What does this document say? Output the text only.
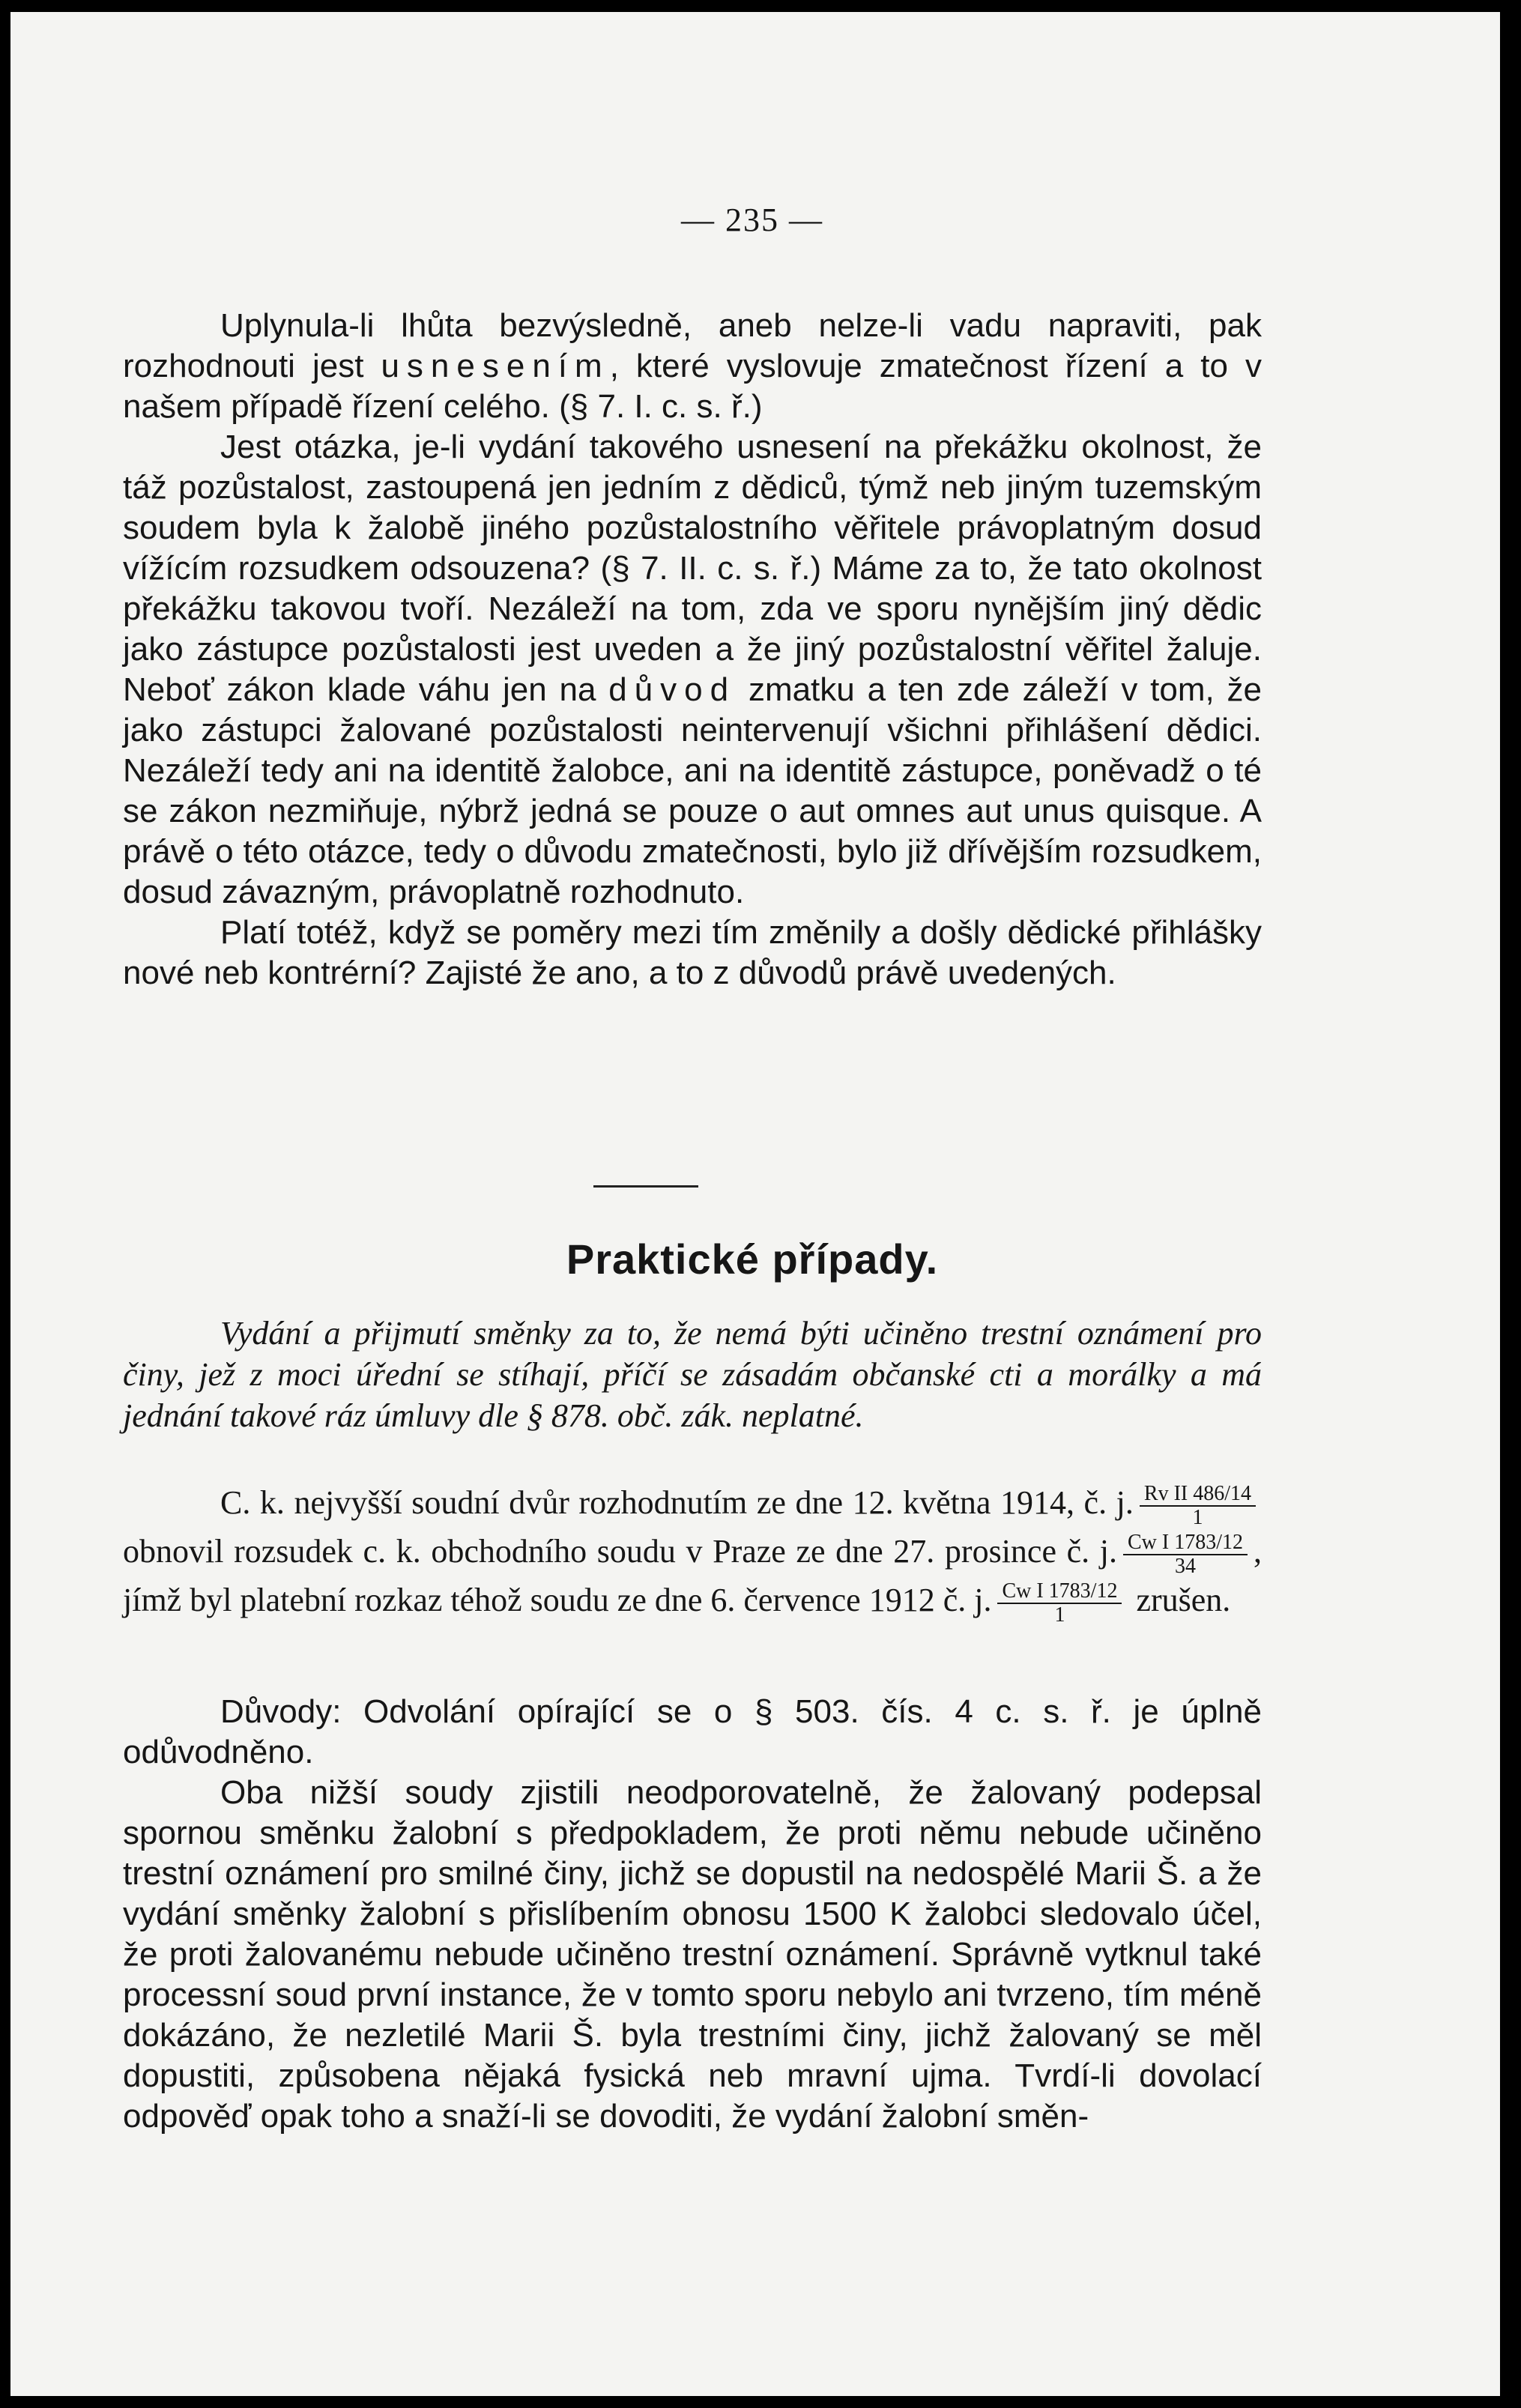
— 235 —

Uplynula-li lhůta bezvýsledně, aneb nelze-li vadu napraviti, pak rozhodnouti jest usnesením, které vyslovuje zmatečnost řízení a to v našem případě řízení celého. (§ 7. I. c. s. ř.)

Jest otázka, je-li vydání takového usnesení na překážku okolnost, že táž pozůstalost, zastoupená jen jedním z dědiců, týmž neb jiným tuzemským soudem byla k žalobě jiného pozůstalostního věřitele právoplatným dosud vížícím rozsudkem odsouzena? (§ 7. II. c. s. ř.) Máme za to, že tato okolnost překážku takovou tvoří. Nezáleží na tom, zda ve sporu nynějším jiný dědic jako zástupce pozůstalosti jest uveden a že jiný pozůstalostní věřitel žaluje. Neboť zákon klade váhu jen na důvod zmatku a ten zde záleží v tom, že jako zástupci žalované pozůstalosti neintervenují všichni přihlášení dědici. Nezáleží tedy ani na identitě žalobce, ani na identitě zástupce, poněvadž o té se zákon nezmiňuje, nýbrž jedná se pouze o aut omnes aut unus quisque. A právě o této otázce, tedy o důvodu zmatečnosti, bylo již dřívějším rozsudkem, dosud závazným, právoplatně rozhodnuto.

Platí totéž, když se poměry mezi tím změnily a došly dědické přihlášky nové neb kontrérní? Zajisté že ano, a to z důvodů právě uvedených.

Praktické případy.

Vydání a přijmutí směnky za to, že nemá býti učiněno trestní oznámení pro činy, jež z moci úřední se stíhají, příčí se zásadám občanské cti a morálky a má jednání takové ráz úmluvy dle § 878. obč. zák. neplatné.

C. k. nejvyšší soudní dvůr rozhodnutím ze dne 12. května 1914, č. j. $\frac{\text{Rv II 486/14}}{1}$
obnovil rozsudek c. k. obchodního soudu v Praze ze dne 27. prosince č. j. $\frac{\text{Cw I 1783/12}}{34}$ , jímž byl platební rozkaz téhož soudu ze dne 6. července 1912 č. j. $\frac{\text{Cw I 1783/12}}{1}$ zrušen.

Důvody: Odvolání opírající se o § 503. čís. 4 c. s. ř. je úplně odůvodněno.

Oba nižší soudy zjistili neodporovatelně, že žalovaný podepsal spornou směnku žalobní s předpokladem, že proti němu nebude učiněno trestní oznámení pro smilné činy, jichž se dopustil na nedospělé Marii Š. a že vydání směnky žalobní s přislíbením obnosu 1500 K žalobci sledovalo účel, že proti žalovanému nebude učiněno trestní oznámení. Správně vytknul také processní soud první instance, že v tomto sporu nebylo ani tvrzeno, tím méně dokázáno, že nezletilé Marii Š. byla trestními činy, jichž žalovaný se měl dopustiti, způsobena nějaká fysická neb mravní ujma. Tvrdí-li dovolací odpověď opak toho a snaží-li se dovoditi, že vydání žalobní směn-
